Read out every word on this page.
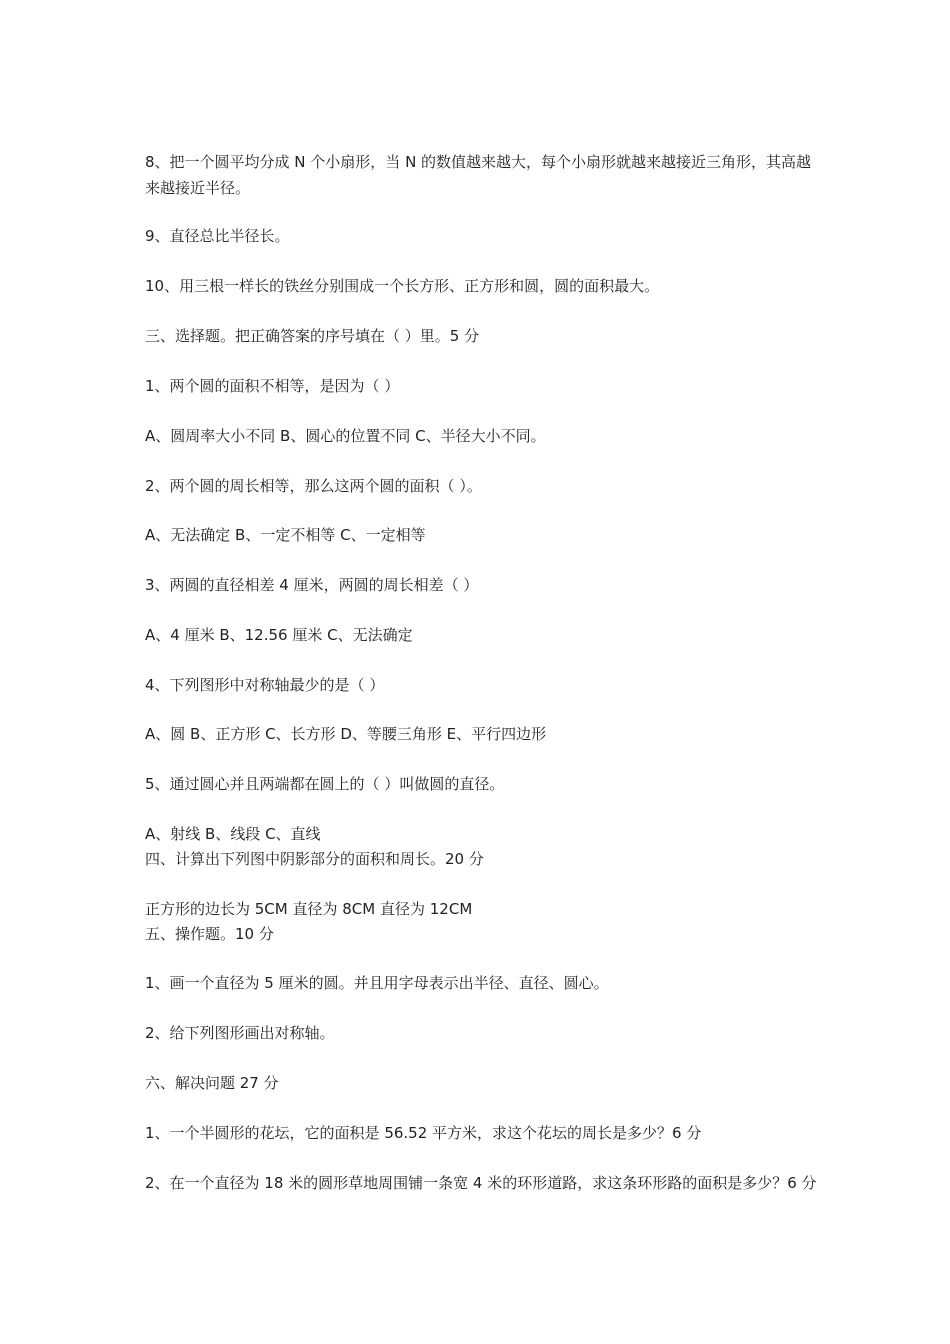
8、把一个圆平均分成 N 个小扇形，当 N 的数值越来越大，每个小扇形就越来越接近三角形，其高越来越接近半径。
9、直径总比半径长。
10、用三根一样长的铁丝分别围成一个长方形、正方形和圆，圆的面积最大。
三、选择题。把正确答案的序号填在（ ）里。5 分
1、两个圆的面积不相等，是因为（ ）
A、圆周率大小不同 B、圆心的位置不同 C、半径大小不同。
2、两个圆的周长相等，那么这两个圆的面积（ ）。
A、无法确定 B、一定不相等 C、一定相等
3、两圆的直径相差 4 厘米，两圆的周长相差（ ）
A、4 厘米 B、12.56 厘米 C、无法确定
4、下列图形中对称轴最少的是（ ）
A、圆 B、正方形 C、长方形 D、等腰三角形 E、平行四边形
5、通过圆心并且两端都在圆上的（ ）叫做圆的直径。
A、射线 B、线段 C、直线
四、计算出下列图中阴影部分的面积和周长。20 分
正方形的边长为 5CM 直径为 8CM 直径为 12CM
五、操作题。10 分
1、画一个直径为 5 厘米的圆。并且用字母表示出半径、直径、圆心。
2、给下列图形画出对称轴。
六、解决问题 27 分
1、一个半圆形的花坛，它的面积是 56.52 平方米，求这个花坛的周长是多少？6 分
2、在一个直径为 18 米的圆形草地周围铺一条宽 4 米的环形道路，求这条环形路的面积是多少？6 分
